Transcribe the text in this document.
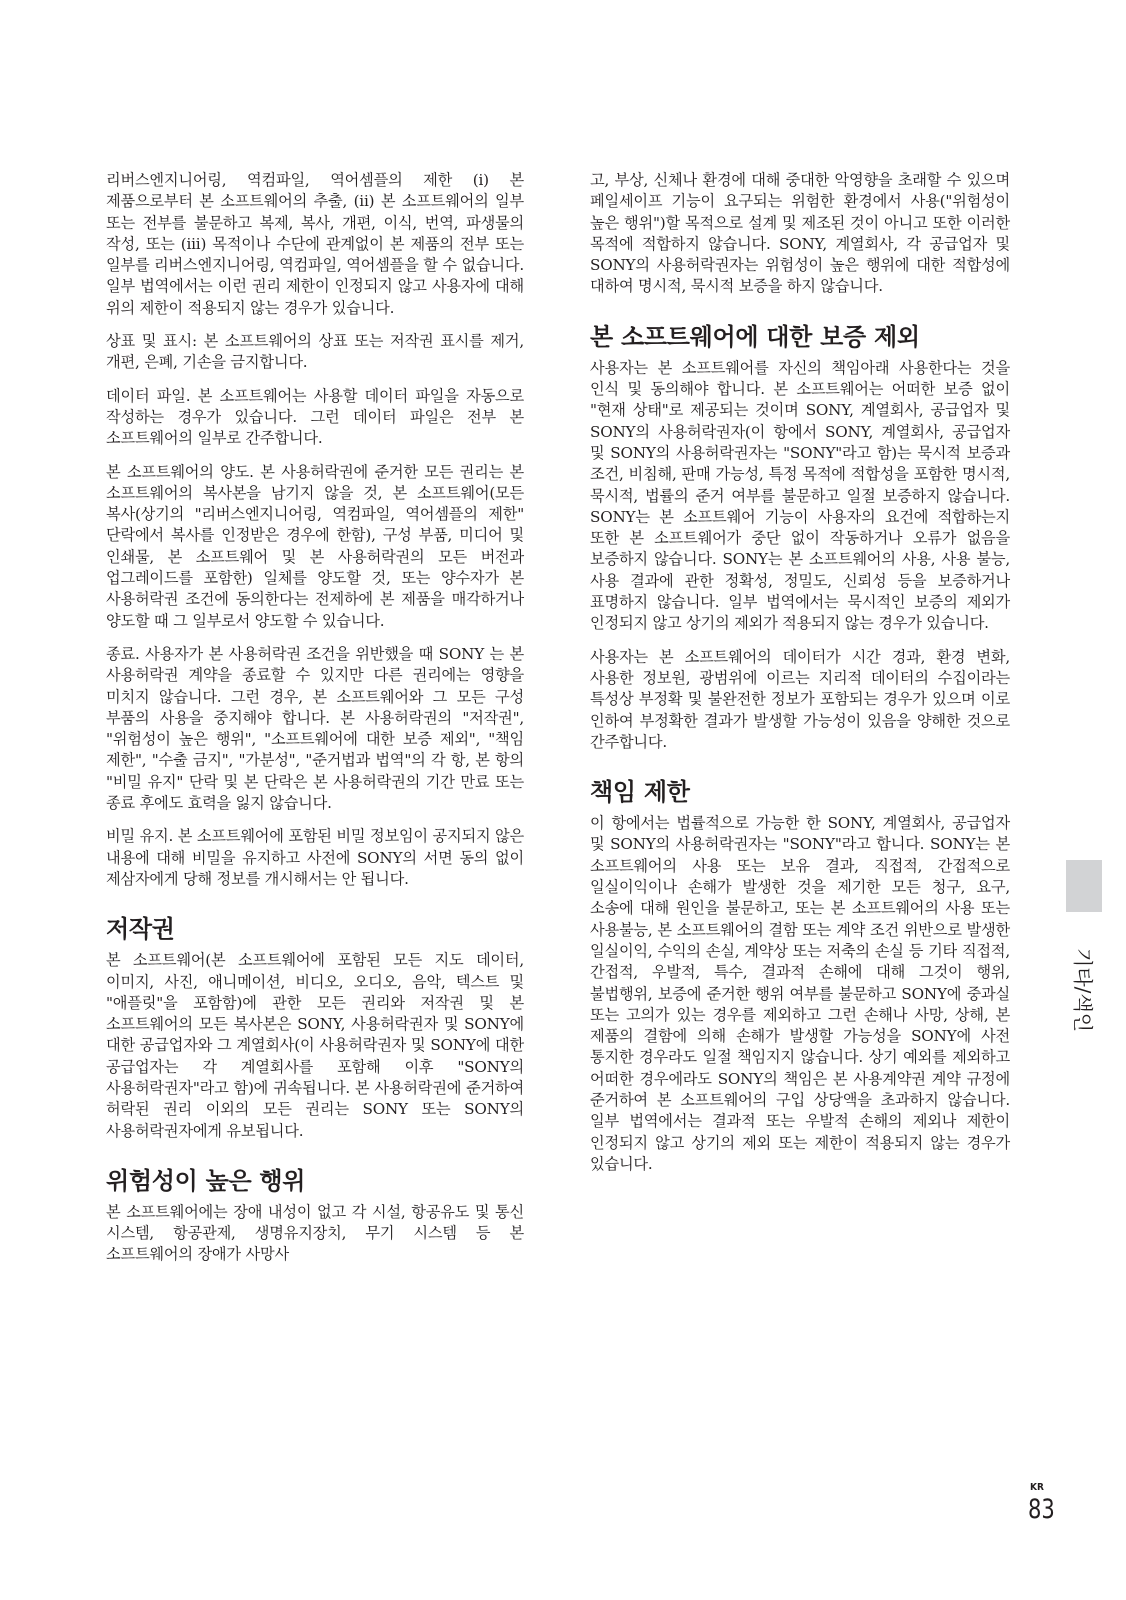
리버스엔지니어링, 역컴파일, 역어셈플의 제한 (i) 본 제품으로부터 본 소프트웨어의 추출, (ii) 본 소프트웨어의 일부 또는 전부를 불문하고 복제, 복사, 개편, 이식, 번역, 파생물의 작성, 또는 (iii) 목적이나 수단에 관계없이 본 제품의 전부 또는 일부를 리버스엔지니어링, 역컴파일, 역어셈플을 할 수 없습니다. 일부 법역에서는 이런 권리 제한이 인정되지 않고 사용자에 대해 위의 제한이 적용되지 않는 경우가 있습니다.

상표 및 표시: 본 소프트웨어의 상표 또는 저작권 표시를 제거, 개편, 은폐, 기손을 금지합니다.

데이터 파일. 본 소프트웨어는 사용할 데이터 파일을 자동으로 작성하는 경우가 있습니다. 그런 데이터 파일은 전부 본 소프트웨어의 일부로 간주합니다.

본 소프트웨어의 양도. 본 사용허락권에 준거한 모든 권리는 본 소프트웨어의 복사본을 남기지 않을 것, 본 소프트웨어(모든 복사(상기의 "리버스엔지니어링, 역컴파일, 역어셈플의 제한" 단락에서 복사를 인정받은 경우에 한함), 구성 부품, 미디어 및 인쇄물, 본 소프트웨어 및 본 사용허락권의 모든 버전과 업그레이드를 포함한) 일체를 양도할 것, 또는 양수자가 본 사용허락권 조건에 동의한다는 전제하에 본 제품을 매각하거나 양도할 때 그 일부로서 양도할 수 있습니다.

종료. 사용자가 본 사용허락권 조건을 위반했을 때 SONY 는 본 사용허락권 계약을 종료할 수 있지만 다른 권리에는 영향을 미치지 않습니다. 그런 경우, 본 소프트웨어와 그 모든 구성 부품의 사용을 중지해야 합니다. 본 사용허락권의 "저작권", "위험성이 높은 행위", "소프트웨어에 대한 보증 제외", "책임 제한", "수출 금지", "가분성", "준거법과 법역"의 각 항, 본 항의 "비밀 유지" 단락 및 본 단락은 본 사용허락권의 기간 만료 또는 종료 후에도 효력을 잃지 않습니다.

비밀 유지. 본 소프트웨어에 포함된 비밀 정보임이 공지되지 않은 내용에 대해 비밀을 유지하고 사전에 SONY의 서면 동의 없이 제삼자에게 당해 정보를 개시해서는 안 됩니다.

저작권

본 소프트웨어(본 소프트웨어에 포함된 모든 지도 데이터, 이미지, 사진, 애니메이션, 비디오, 오디오, 음악, 텍스트 및 "애플릿"을 포함함)에 관한 모든 권리와 저작권 및 본 소프트웨어의 모든 복사본은 SONY, 사용허락권자 및 SONY에 대한 공급업자와 그 계열회사(이 사용허락권자 및 SONY에 대한 공급업자는 각 계열회사를 포함해 이후 "SONY의 사용허락권자"라고 함)에 귀속됩니다. 본 사용허락권에 준거하여 허락된 권리 이외의 모든 권리는 SONY 또는 SONY의 사용허락권자에게 유보됩니다.

위험성이 높은 행위

본 소프트웨어에는 장애 내성이 없고 각 시설, 항공유도 및 통신 시스템, 항공관제, 생명유지장치, 무기 시스템 등 본 소프트웨어의 장애가 사망사

고, 부상, 신체나 환경에 대해 중대한 악영향을 초래할 수 있으며 페일세이프 기능이 요구되는 위험한 환경에서 사용("위험성이 높은 행위")할 목적으로 설계 및 제조된 것이 아니고 또한 이러한 목적에 적합하지 않습니다. SONY, 계열회사, 각 공급업자 및 SONY의 사용허락권자는 위험성이 높은 행위에 대한 적합성에 대하여 명시적, 묵시적 보증을 하지 않습니다.

본 소프트웨어에 대한 보증 제외

사용자는 본 소프트웨어를 자신의 책임아래 사용한다는 것을 인식 및 동의해야 합니다. 본 소프트웨어는 어떠한 보증 없이 "현재 상태"로 제공되는 것이며 SONY, 계열회사, 공급업자 및 SONY의 사용허락권자(이 항에서 SONY, 계열회사, 공급업자 및 SONY의 사용허락권자는 "SONY"라고 함)는 묵시적 보증과 조건, 비침해, 판매 가능성, 특정 목적에 적합성을 포함한 명시적, 묵시적, 법률의 준거 여부를 불문하고 일절 보증하지 않습니다. SONY는 본 소프트웨어 기능이 사용자의 요건에 적합하는지 또한 본 소프트웨어가 중단 없이 작동하거나 오류가 없음을 보증하지 않습니다. SONY는 본 소프트웨어의 사용, 사용 불능, 사용 결과에 관한 정확성, 정밀도, 신뢰성 등을 보증하거나 표명하지 않습니다. 일부 법역에서는 묵시적인 보증의 제외가 인정되지 않고 상기의 제외가 적용되지 않는 경우가 있습니다.

사용자는 본 소프트웨어의 데이터가 시간 경과, 환경 변화, 사용한 정보원, 광범위에 이르는 지리적 데이터의 수집이라는 특성상 부정확 및 불완전한 정보가 포함되는 경우가 있으며 이로 인하여 부정확한 결과가 발생할 가능성이 있음을 양해한 것으로 간주합니다.

책임 제한

이 항에서는 법률적으로 가능한 한 SONY, 계열회사, 공급업자 및 SONY의 사용허락권자는 "SONY"라고 합니다. SONY는 본 소프트웨어의 사용 또는 보유 결과, 직접적, 간접적으로 일실이익이나 손해가 발생한 것을 제기한 모든 청구, 요구, 소송에 대해 원인을 불문하고, 또는 본 소프트웨어의 사용 또는 사용불능, 본 소프트웨어의 결함 또는 계약 조건 위반으로 발생한 일실이익, 수익의 손실, 계약상 또는 저축의 손실 등 기타 직접적, 간접적, 우발적, 특수, 결과적 손해에 대해 그것이 행위, 불법행위, 보증에 준거한 행위 여부를 불문하고 SONY에 중과실 또는 고의가 있는 경우를 제외하고 그런 손해나 사망, 상해, 본 제품의 결함에 의해 손해가 발생할 가능성을 SONY에 사전 통지한 경우라도 일절 책임지지 않습니다. 상기 예외를 제외하고 어떠한 경우에라도 SONY의 책임은 본 사용계약권 계약 규정에 준거하여 본 소프트웨어의 구입 상당액을 초과하지 않습니다. 일부 법역에서는 결과적 또는 우발적 손해의 제외나 제한이 인정되지 않고 상기의 제외 또는 제한이 적용되지 않는 경우가 있습니다.

기타/색인
KR
83
